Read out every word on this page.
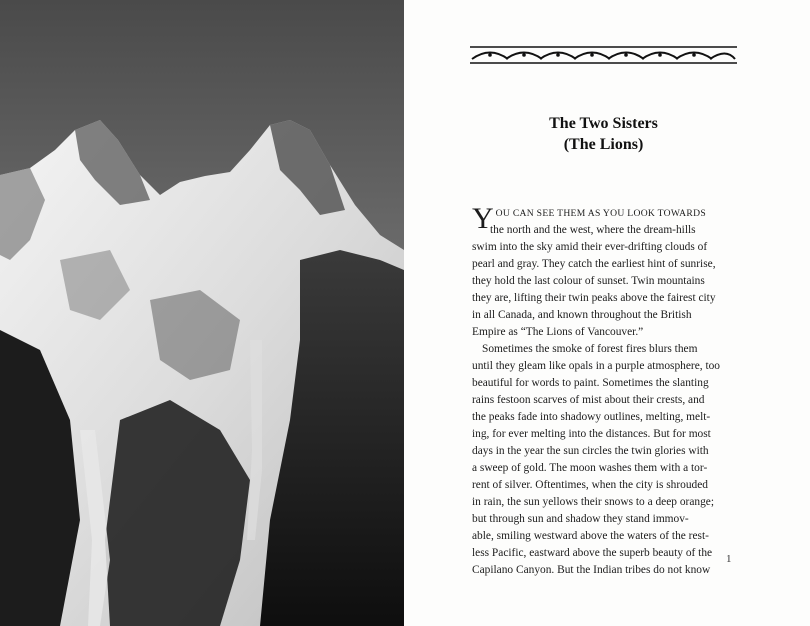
The Two Sisters
(The Lions)
Y OU CAN SEE THEM AS YOU LOOK TOWARDS
the north and the west, where the dream-hills
swim into the sky amid their ever-drifting clouds of
pearl and gray. They catch the earliest hint of sunrise,
they hold the last colour of sunset. Twin mountains
they are, lifting their twin peaks above the fairest city
in all Canada, and known throughout the British
Empire as “The Lions of Vancouver.”
Sometimes the smoke of forest fires blurs them
until they gleam like opals in a purple atmosphere, too
beautiful for words to paint. Sometimes the slanting
rains festoon scarves of mist about their crests, and
the peaks fade into shadowy outlines, melting, melt-
ing, for ever melting into the distances. But for most
days in the year the sun circles the twin glories with
a sweep of gold. The moon washes them with a tor-
rent of silver. Oftentimes, when the city is shrouded
in rain, the sun yellows their snows to a deep orange;
but through sun and shadow they stand immov-
able, smiling westward above the waters of the rest-
less Pacific, eastward above the superb beauty of the
Capilano Canyon. But the Indian tribes do not know
1
